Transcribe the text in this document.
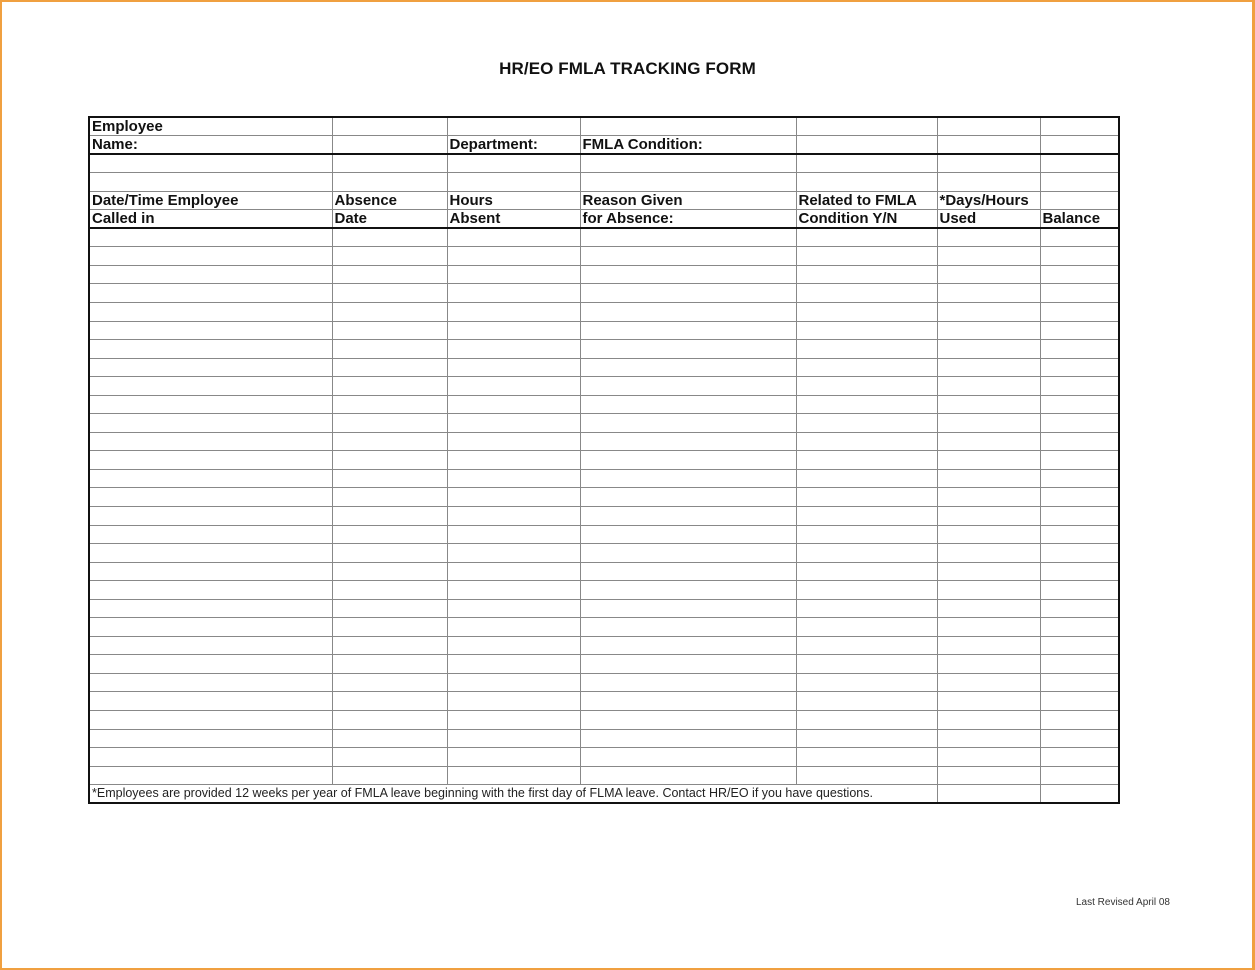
HR/EO FMLA TRACKING FORM
Employee						
Name:		Department:	FMLA Condition:			

Date/Time Employee	Absence	Hours	Reason Given	Related to FMLA	*Days/Hours	
Called in	Date	Absent	for Absence:	Condition Y/N	Used	Balance

*Employees are provided 12 weeks per year of FMLA leave beginning with the first day of FLMA leave. Contact HR/EO if you have questions.						
Last Revised April 08
